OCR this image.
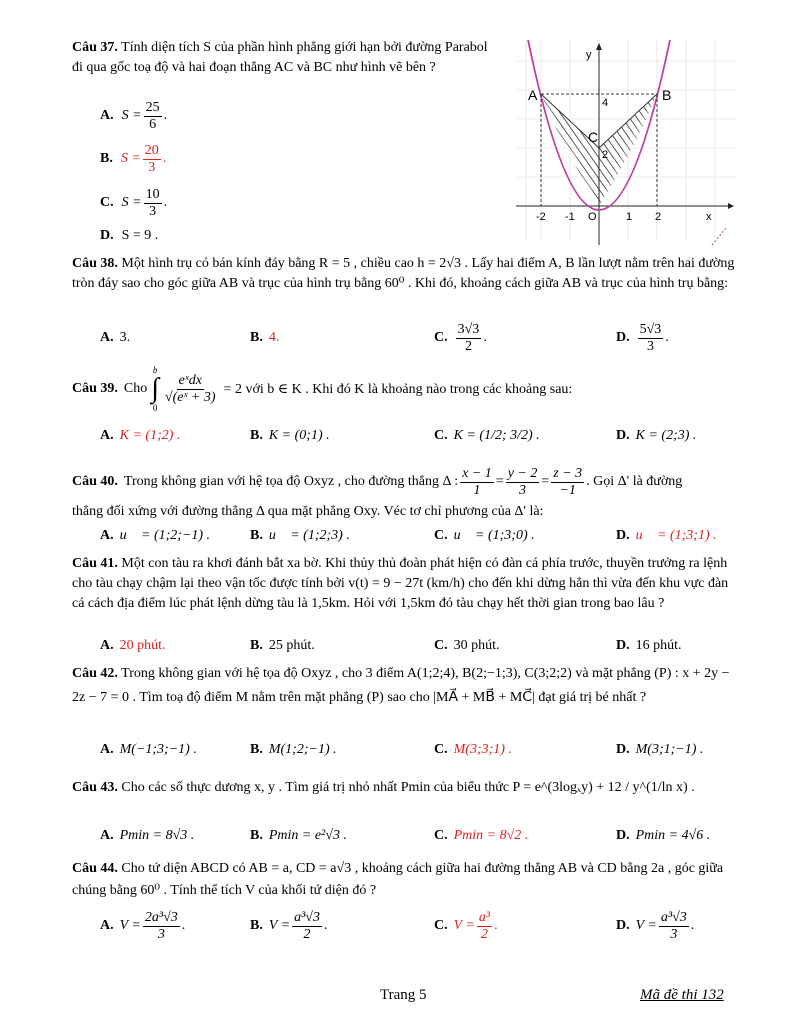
Câu 37. Tính diện tích S của phần hình phẳng giới hạn bởi đường Parabol đi qua gốc toạ độ và hai đoạn thẳng AC và BC như hình vẽ bên ?
A. $S = \frac{25}{6}$ .
B. $S = \frac{20}{3}$ .
C. $S = \frac{10}{3}$ .
D. S = 9 .
A	B
C
y
x
O
-2 -1	1 2
2
4
Câu 38. Một hình trụ có bán kính đáy bằng R = 5 , chiều cao h = 2√3 . Lấy hai điểm A, B lần lượt nằm trên hai đường tròn đáy sao cho góc giữa AB và trục của hình trụ bằng 60⁰ . Khi đó, khoảng cách giữa AB và trục của hình trụ bằng:
A. 3.	B. 4.	C. $\frac{3√3}{2}$ .	D. $\frac{5√3}{3}$ .
Câu 39. Cho
b
∫
0
$\frac{\text{eˣdx}}{\text{√(eˣ + 3)}} = 2$ với b ∈ K . Khi đó K là khoảng nào trong các khoảng sau:
A. K = (1;2) .	B. K = (0;1) .	C. K = (1/2; 3/2) .	D. K = (2;3) .
Câu 40. Trong không gian với hệ tọa độ Oxyz , cho đường thẳng Δ : $\frac{x - 1}{1} = \frac{y - 2}{3} = \frac{z - 3}{-1}$ . Gọi Δ' là đường
thẳng đối xứng với đường thẳng Δ qua mặt phẳng Oxy. Véc tơ chỉ phương của Δ' là:
A. u⃗ = (1;2;−1) .	B. u⃗ = (1;2;3) .	C. u⃗ = (1;3;0) .	D. u⃗ = (1;3;1) .
Câu 41. Một con tàu ra khơi đánh bắt xa bờ. Khi thủy thủ đoàn phát hiện có đàn cá phía trước, thuyền trưởng ra lệnh cho tàu chạy chậm lại theo vận tốc được tính bởi v(t) = 9 − 27t (km/h) cho đến khi dừng hẳn thì vừa đến khu vực đàn cá cách địa điểm lúc phát lệnh dừng tàu là 1,5km. Hỏi với 1,5km đó tàu chạy hết thời gian trong bao lâu ?
A. 20 phút.	B. 25 phút.	C. 30 phút.	D. 16 phút.
Câu 42. Trong không gian với hệ tọa độ Oxyz , cho 3 điểm A(1;2;4), B(2;−1;3), C(3;2;2) và mặt phẳng (P) : x + 2y − 2z − 7 = 0 . Tìm toạ độ điểm M nằm trên mặt phẳng (P) sao cho |MA⃗ + MB⃗ + MC⃗| đạt giá trị bé nhất ?
A. M(−1;3;−1) .	B. M(1;2;−1) .	C. M(3;3;1) .	D. M(3;1;−1) .
Câu 43. Cho các số thực dương x, y . Tìm giá trị nhỏ nhất Pmin của biểu thức P = e^(3logₓy) + 12 / y^(1/ln x) .
A. Pmin = 8√3 .	B. Pmin = e²√3 .	C. Pmin = 8√2 .	D. Pmin = 4√6 .
Câu 44. Cho tứ diện ABCD có AB = a, CD = a√3 , khoảng cách giữa hai đường thẳng AB và CD bằng 2a , góc giữa chúng bằng 60⁰ . Tính thể tích V của khối tứ diện đó ?
A. $V = \frac{\text{2a³√3}}{3}$ .	B. $V = \frac{\text{a³√3}}{2}$ .	C. $V = \frac{\text{a³}}{2}$ .	D. $V = \frac{\text{a³√3}}{3}$ .
Trang 5	Mã đề thi 132
